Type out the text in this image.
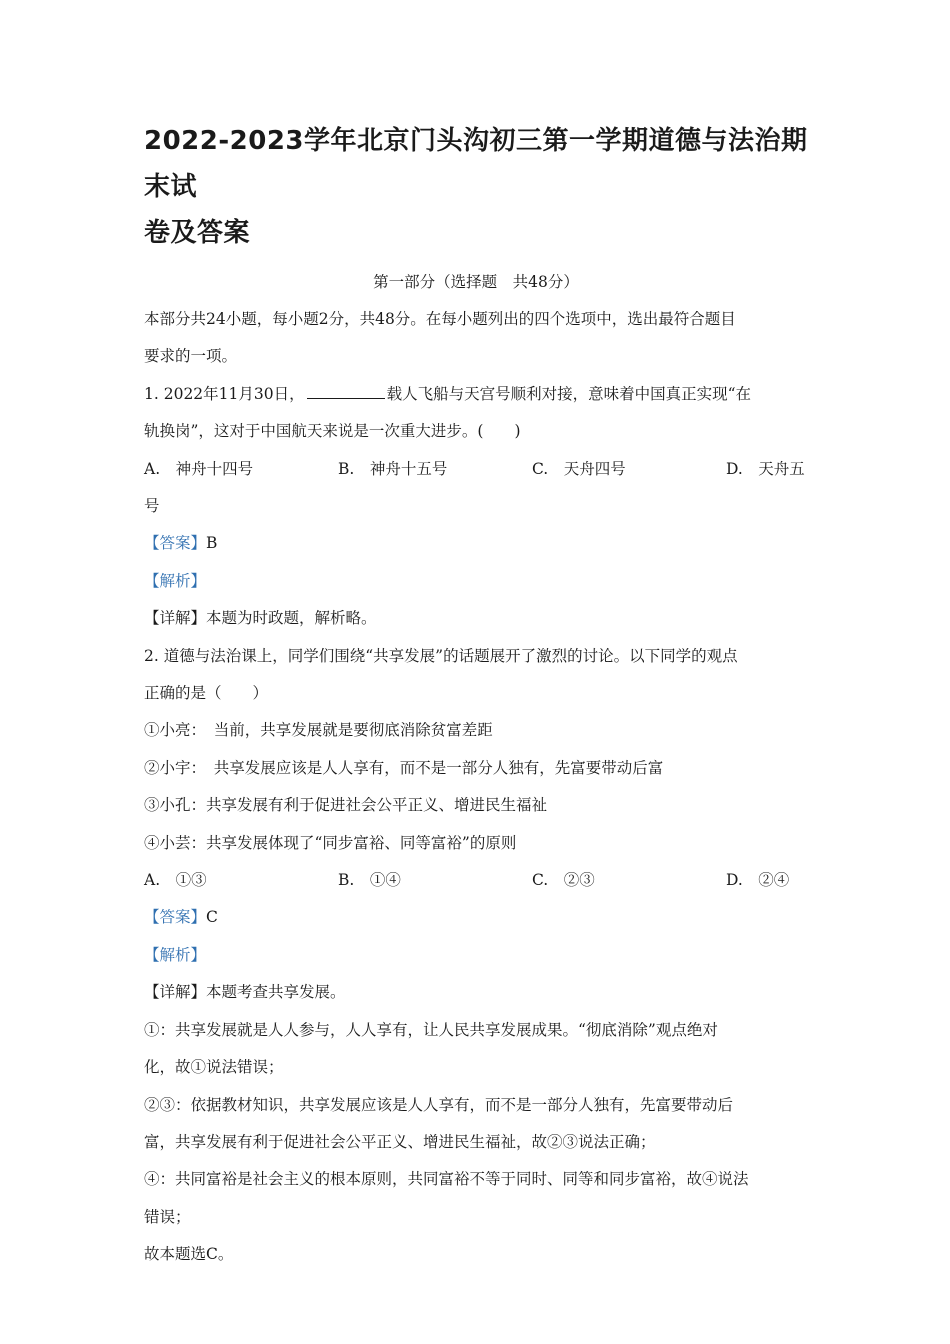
2022-2023学年北京门头沟初三第一学期道德与法治期末试
卷及答案
第一部分（选择题　共48分）
本部分共24小题，每小题2分，共48分。在每小题列出的四个选项中，选出最符合题目
要求的一项。
1. 2022年11月30日，	载人飞船与天宫号顺利对接，意味着中国真正实现“在
轨换岗”，这对于中国航天来说是一次重大进步。(　　)
A.　神舟十四号	B.　神舟十五号	C.　天舟四号	D.　天舟五
号
【答案】B
【解析】
【详解】本题为时政题，解析略。
2. 道德与法治课上，同学们围绕“共享发展”的话题展开了激烈的讨论。以下同学的观点
正确的是（　　）
①小亮：　当前，共享发展就是要彻底消除贫富差距
②小宇：　共享发展应该是人人享有，而不是一部分人独有，先富要带动后富
③小孔：共享发展有利于促进社会公平正义、增进民生福祉
④小芸：共享发展体现了“同步富裕、同等富裕”的原则
A.　①③	B.　①④	C.　②③	D.　②④
【答案】C
【解析】
【详解】本题考查共享发展。
①：共享发展就是人人参与，人人享有，让人民共享发展成果。“彻底消除”观点绝对
化，故①说法错误；
②③：依据教材知识，共享发展应该是人人享有，而不是一部分人独有，先富要带动后
富，共享发展有利于促进社会公平正义、增进民生福祉，故②③说法正确；
④：共同富裕是社会主义的根本原则，共同富裕不等于同时、同等和同步富裕，故④说法
错误；
故本题选C。
